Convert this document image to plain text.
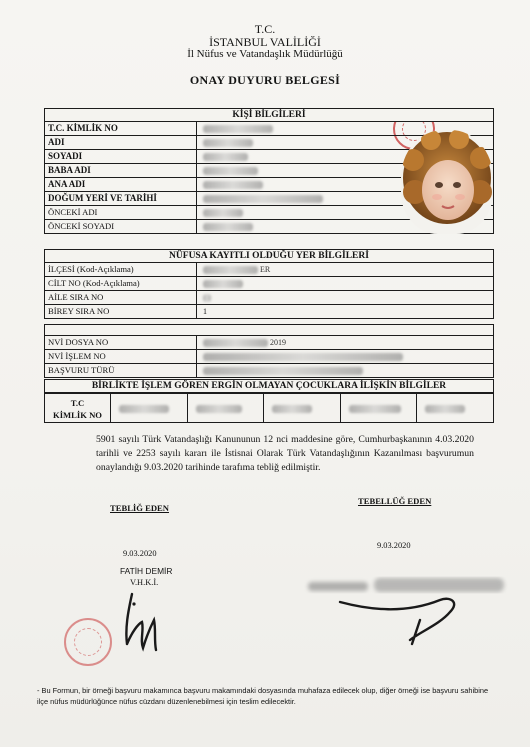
T.C.
İSTANBUL VALİLİĞİ
İl Nüfus ve Vatandaşlık Müdürlüğü
ONAY DUYURU BELGESİ
KİŞİ BİLGİLERİ
T.C. KİMLİK NO
ADI
SOYADI
BABA ADI
ANA ADI
DOĞUM YERİ VE TARİHİ
ÖNCEKİ ADI
ÖNCEKİ SOYADI
NÜFUSA KAYITLI OLDUĞU YER BİLGİLERİ
İLÇESİ (Kod-Açıklama)	ER
CİLT NO (Kod-Açıklama)
AİLE SIRA NO
BİREY SIRA NO	1
NVİ DOSYA NO	2019
NVİ İŞLEM NO
BAŞVURU TÜRÜ
BİRLİKTE İŞLEM GÖREN ERGİN OLMAYAN ÇOCUKLARA İLİŞKİN BİLGİLER
T.C
KİMLİK NO
5901 sayılı Türk Vatandaşlığı Kanununun 12 nci maddesine göre, Cumhurbaşkanının 4.03.2020 tarihli ve 2253 sayılı kararı ile İstisnai Olarak Türk Vatandaşlığının Kazanılması başvurumun onaylandığı 9.03.2020 tarihinde tarafıma tebliğ edilmiştir.
TEBLİĞ EDEN
TEBELLÜĞ EDEN
9.03.2020
FATİH DEMİR
V.H.K.İ.
9.03.2020
- Bu Formun, bir örneği başvuru makamınca başvuru makamındaki dosyasında muhafaza edilecek olup, diğer örneği ise başvuru sahibine ilçe nüfus müdürlüğünce nüfus cüzdanı düzenlenebilmesi için teslim edilecektir.
